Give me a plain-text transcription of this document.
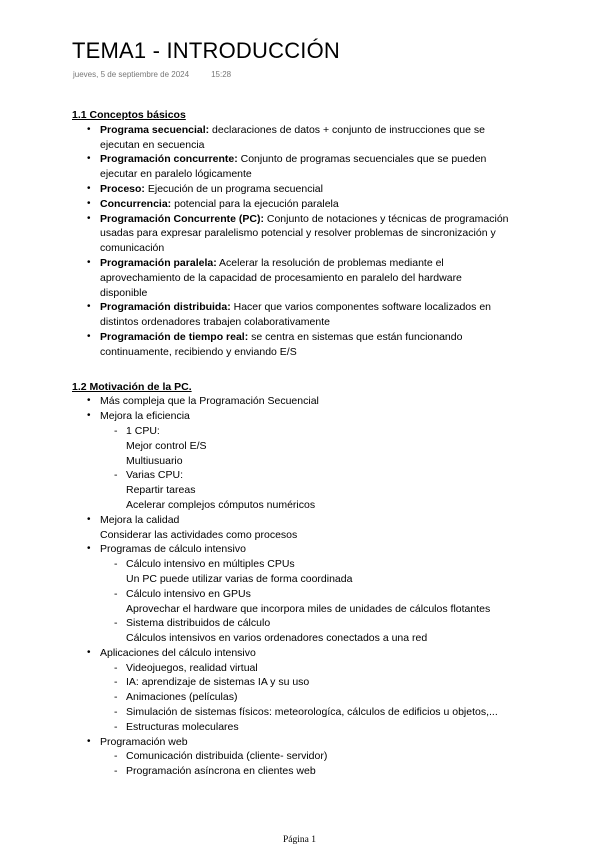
TEMA1 - INTRODUCCIÓN
jueves, 5 de septiembre de 2024	15:28
1.1 Conceptos básicos
• Programa secuencial: declaraciones de datos + conjunto de instrucciones que se ejecutan en secuencia
• Programación concurrente: Conjunto de programas secuenciales que se pueden ejecutar en paralelo lógicamente
• Proceso: Ejecución de un programa secuencial
• Concurrencia: potencial para la ejecución paralela
• Programación Concurrente (PC): Conjunto de notaciones y técnicas de programación usadas para expresar paralelismo potencial y resolver problemas de sincronización y comunicación
• Programación paralela: Acelerar la resolución de problemas mediante el aprovechamiento de la capacidad de procesamiento en paralelo del hardware disponible
• Programación distribuida: Hacer que varios componentes software localizados en distintos ordenadores trabajen colaborativamente
• Programación de tiempo real: se centra en sistemas que están funcionando continuamente, recibiendo y enviando E/S
1.2 Motivación de la PC.
• Más compleja que la Programación Secuencial
• Mejora la eficiencia
- 1 CPU:
Mejor control E/S
Multiusuario
- Varias CPU:
Repartir tareas
Acelerar complejos cómputos numéricos
• Mejora la calidad
Considerar las actividades como procesos
• Programas de cálculo intensivo
- Cálculo intensivo en múltiples CPUs
Un PC puede utilizar varias de forma coordinada
- Cálculo intensivo en GPUs
Aprovechar el hardware que incorpora miles de unidades de cálculos flotantes
- Sistema distribuidos de cálculo
Cálculos intensivos en varios ordenadores conectados a una red
• Aplicaciones del cálculo intensivo
- Videojuegos, realidad virtual
- IA: aprendizaje de sistemas IA y su uso
- Animaciones (películas)
- Simulación de sistemas físicos: meteorologíca, cálculos de edificios u objetos,...
- Estructuras moleculares
• Programación web
- Comunicación distribuida (cliente- servidor)
- Programación asíncrona en clientes web
Página 1
